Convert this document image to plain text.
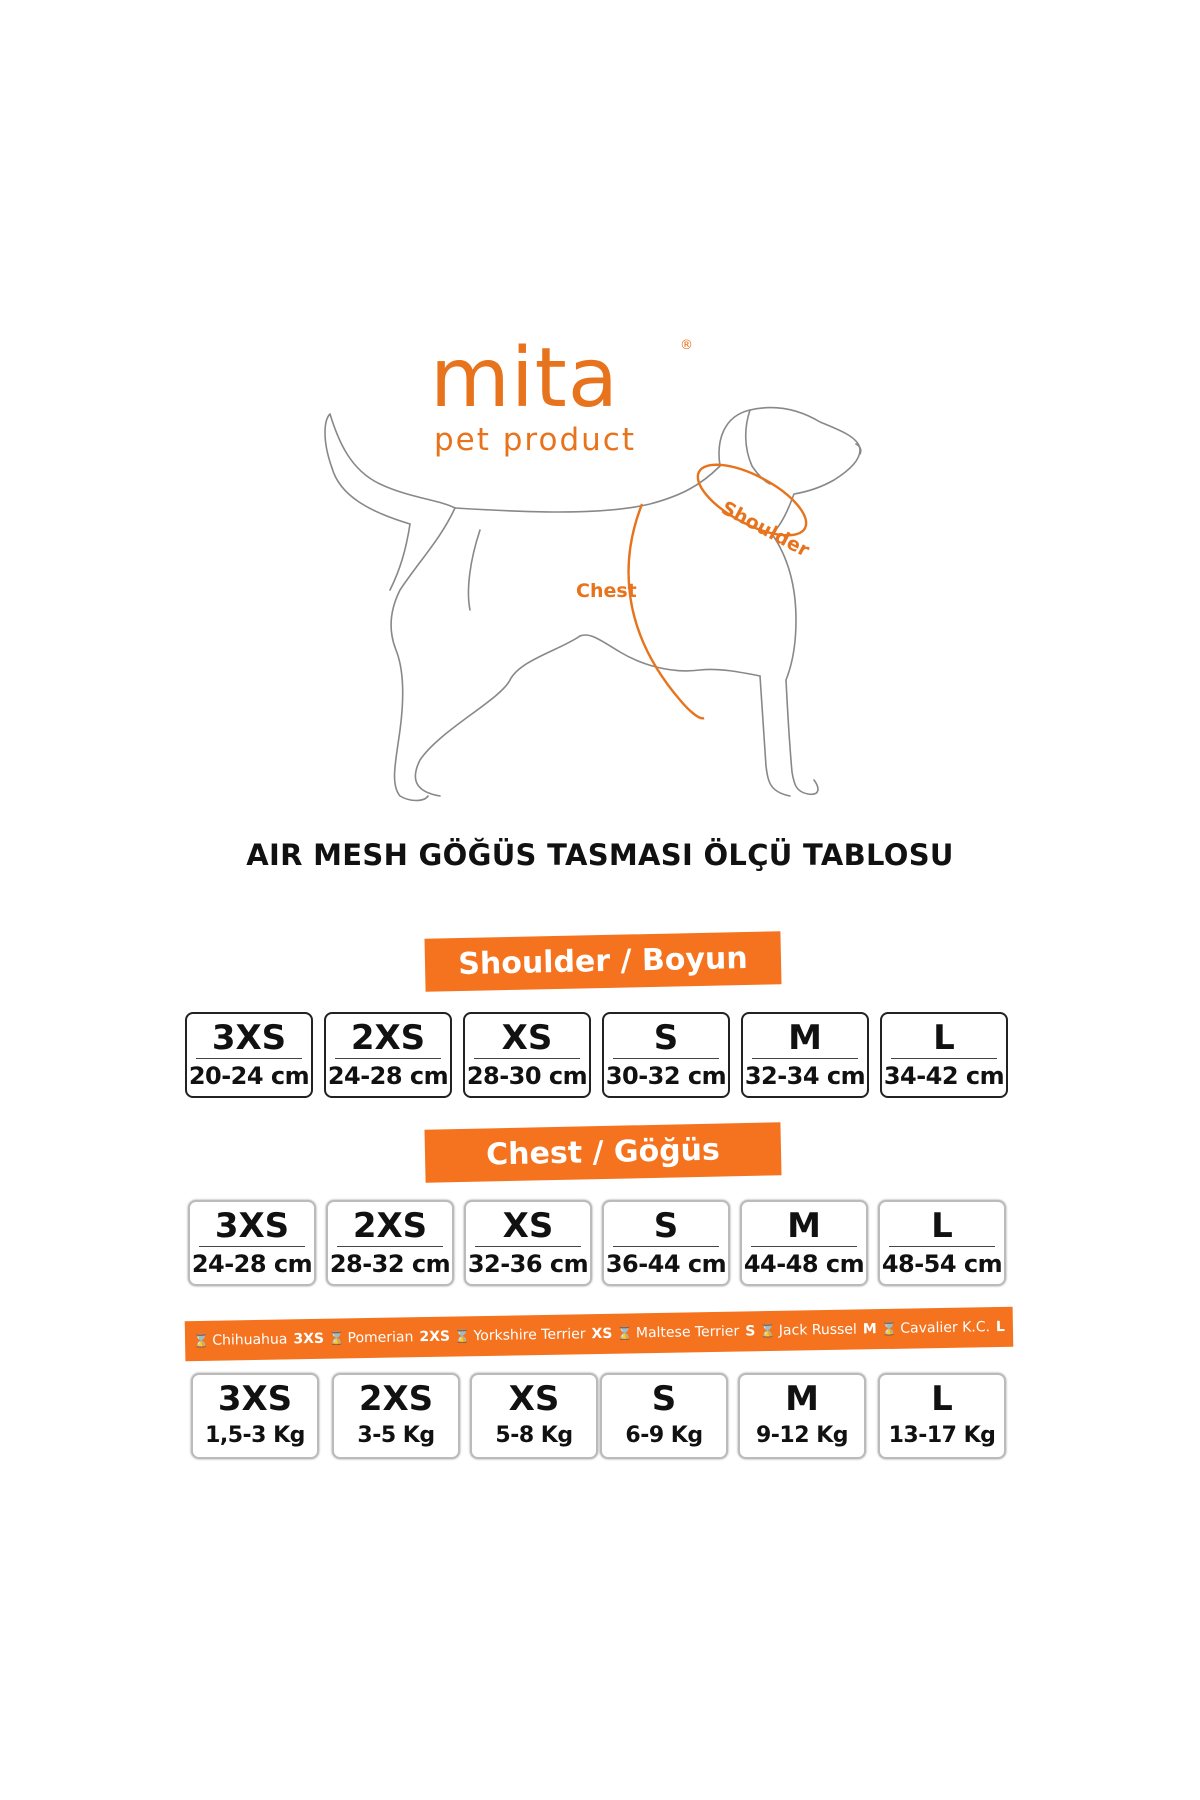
®
mita
pet product
Shoulder
Chest
AIR MESH GÖĞÜS TASMASI ÖLÇÜ TABLOSU
Shoulder / Boyun
3XS
20-24 cm
2XS
24-28 cm
XS
28-30 cm
S
30-32 cm
M
32-34 cm
L
34-42 cm
Chest / Göğüs
3XS
24-28 cm
2XS
28-32 cm
XS
32-36 cm
S
36-44 cm
M
44-48 cm
L
48-54 cm
⌛ Chihuahua 3XS ⌛ Pomerian 2XS ⌛ Yorkshire Terrier XS ⌛ Maltese Terrier S ⌛ Jack Russel M ⌛ Cavalier K.C. L
3XS
1,5-3 Kg
2XS
3-5 Kg
XS
5-8 Kg
S
6-9 Kg
M
9-12 Kg
L
13-17 Kg
